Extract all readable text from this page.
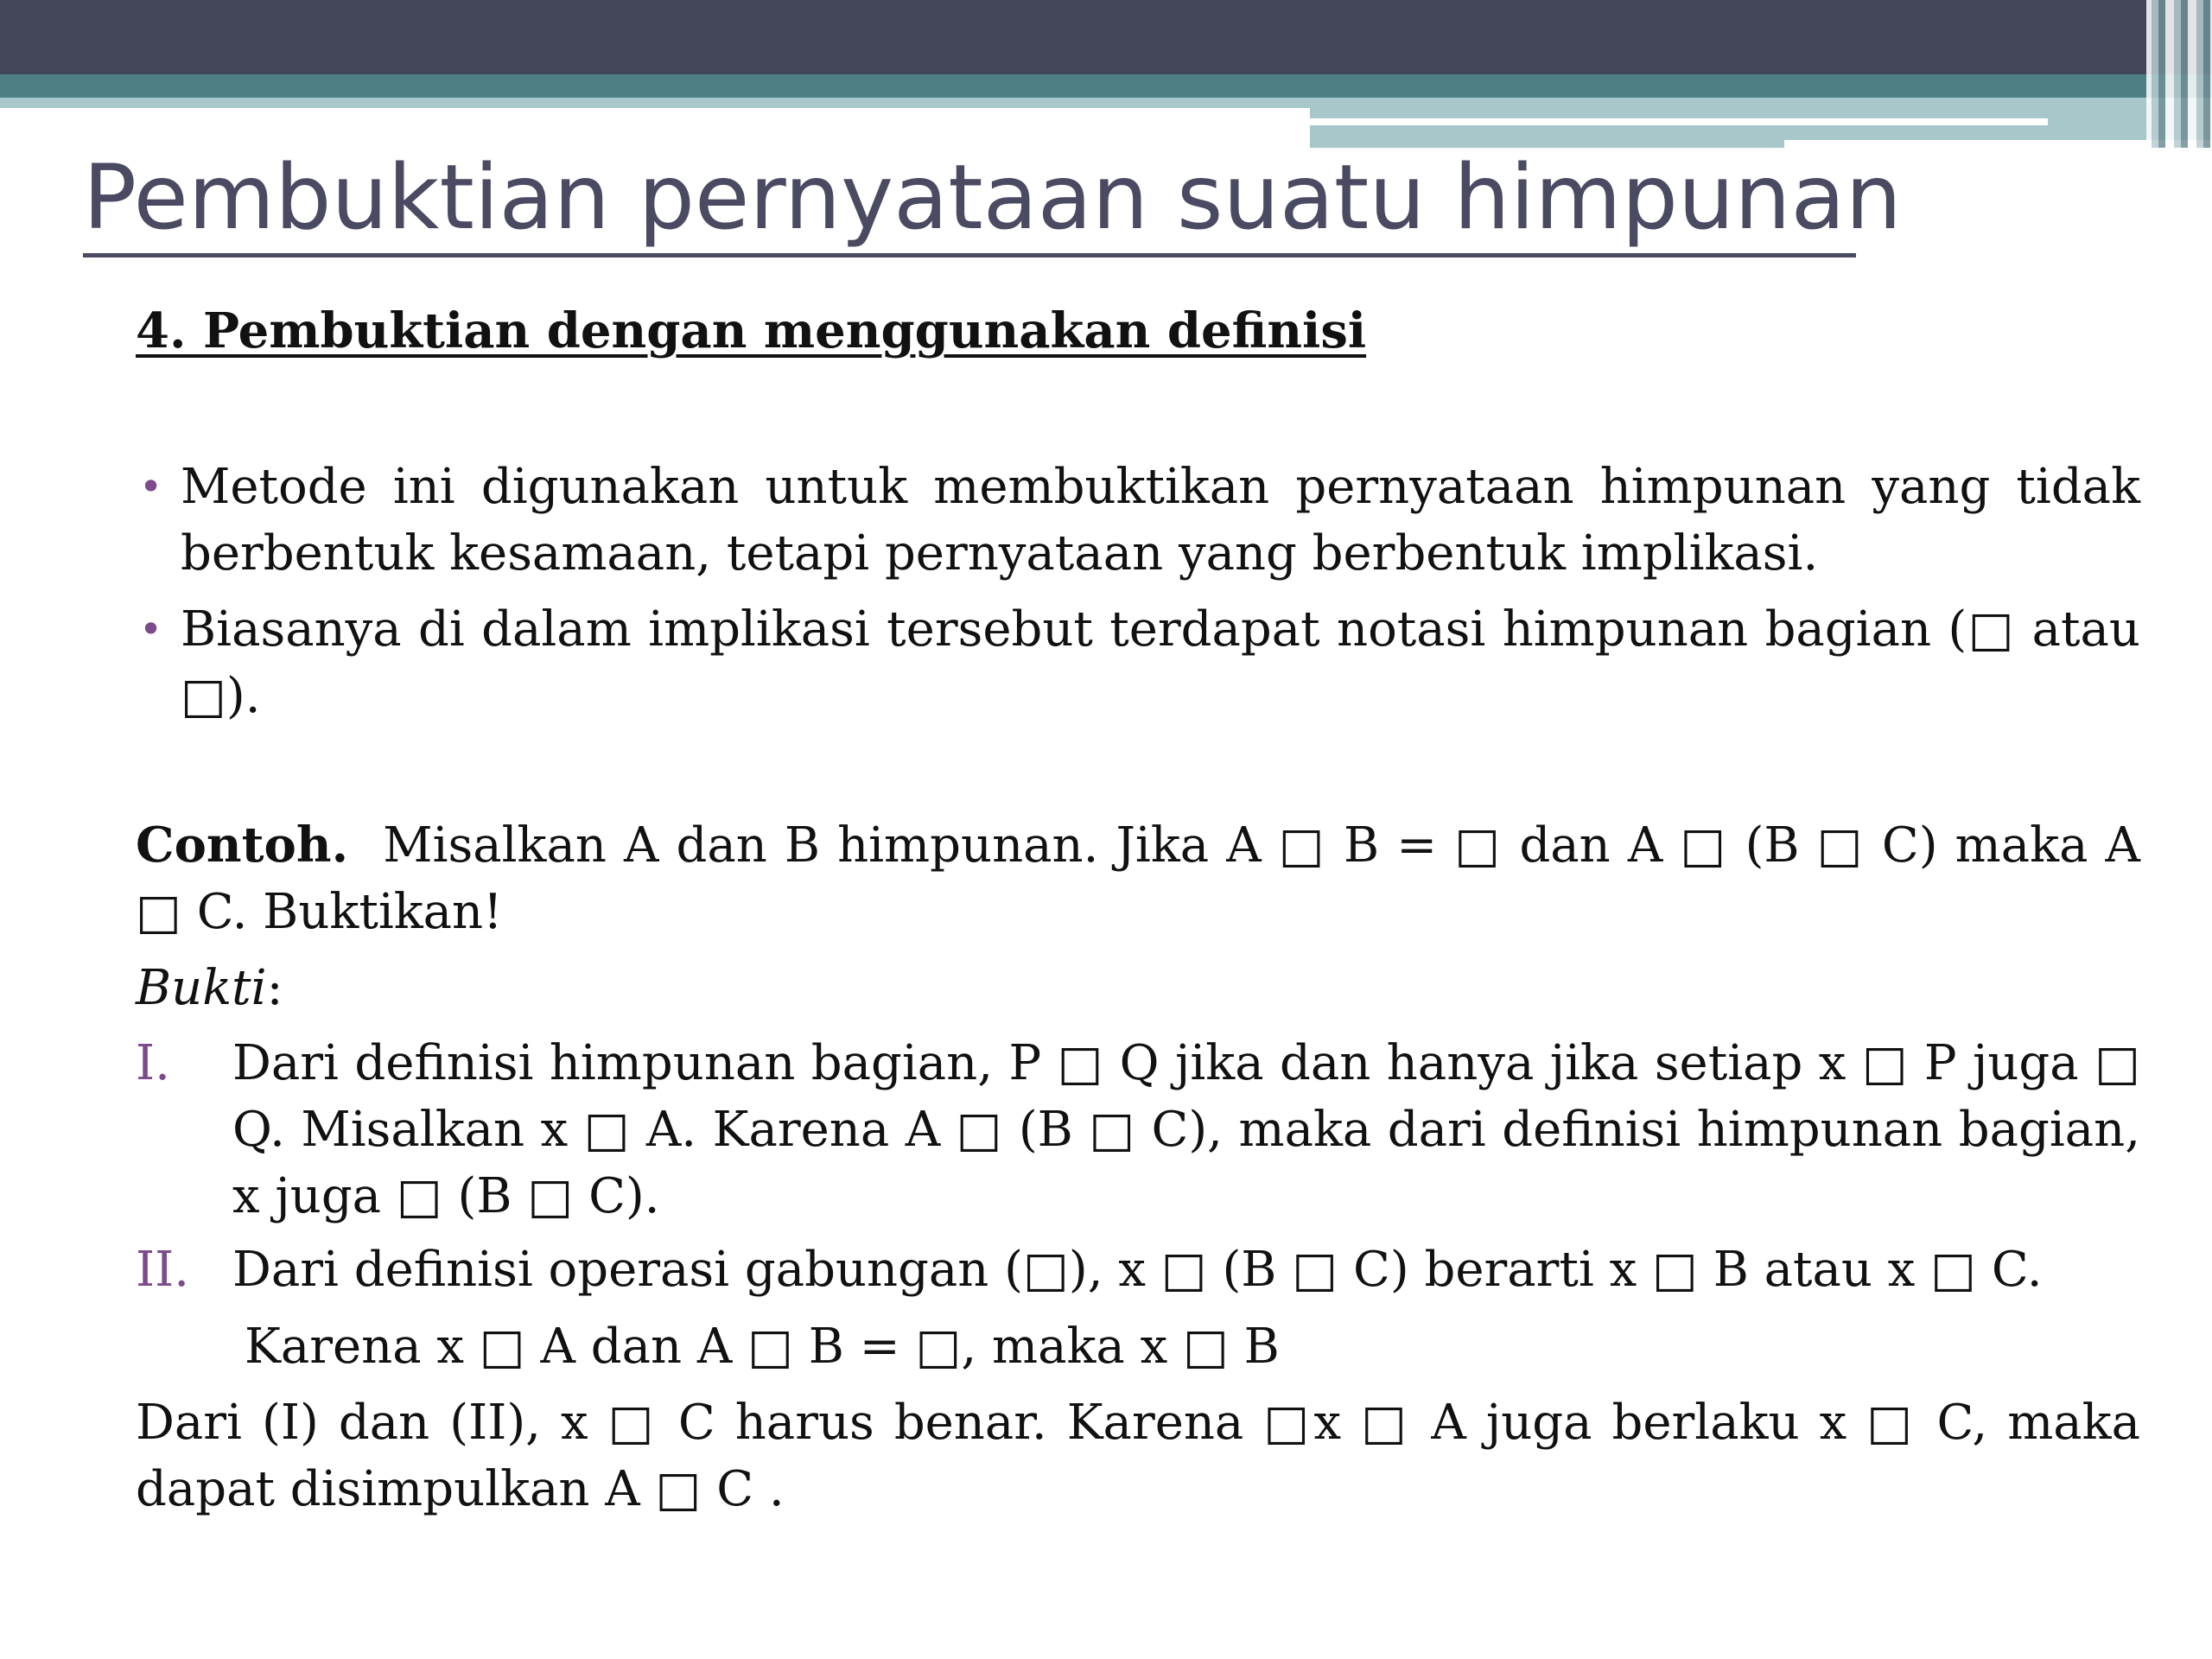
Pembuktian pernyataan suatu himpunan
4. Pembuktian dengan menggunakan definisi
• Metode ini digunakan untuk membuktikan pernyataan himpunan yang tidak berbentuk kesamaan, tetapi pernyataan yang berbentuk implikasi.
• Biasanya di dalam implikasi tersebut terdapat notasi himpunan bagian (□ atau □).
Contoh. Misalkan A dan B himpunan. Jika A □ B = □ dan A □ (B □ C) maka A □ C. Buktikan!
Bukti:
I. Dari definisi himpunan bagian, P □ Q jika dan hanya jika setiap x □ P juga □ Q. Misalkan x □ A. Karena A □ (B □ C), maka dari definisi himpunan bagian, x juga □ (B □ C).
II. Dari definisi operasi gabungan (□), x □ (B □ C) berarti x □ B atau x □ C.
Karena x □ A dan A □ B = □, maka x □ B
Dari (I) dan (II), x □ C harus benar. Karena □x □ A juga berlaku x □ C, maka dapat disimpulkan A □ C .
